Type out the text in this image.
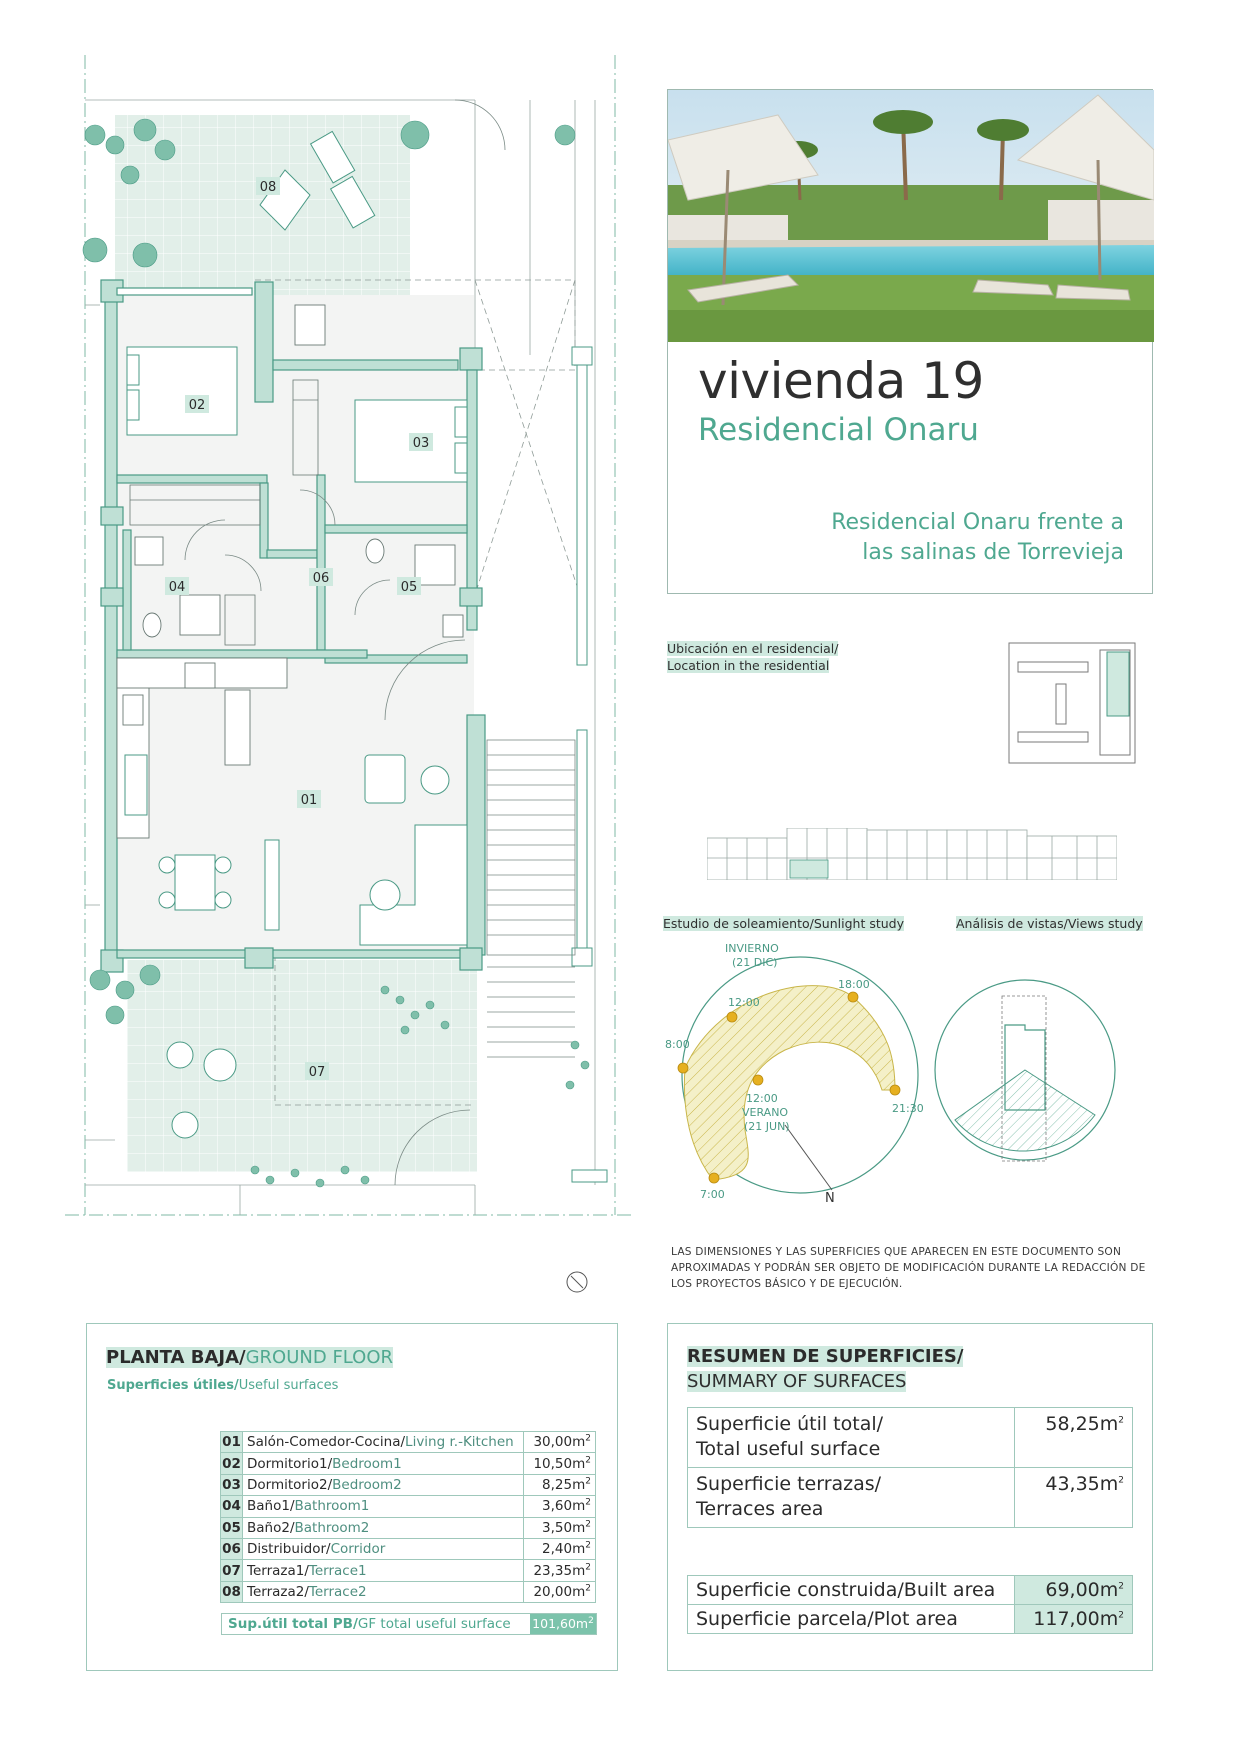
08
02
03
04
06
05
01
07
vivienda 19
Residencial Onaru
Residencial Onaru frente a
las salinas de Torrevieja
Ubicación en el residencial/
Location in the residential
Estudio de soleamiento/Sunlight study	Análisis de vistas/Views study
INVIERNO
(21 DIC)
8:00
12:00
18:00
12:00
VERANO
(21 JUN)
21:30
7:00	N
LAS DIMENSIONES Y LAS SUPERFICIES QUE APARECEN EN ESTE DOCUMENTO SON APROXIMADAS Y PODRÁN SER OBJETO DE MODIFICACIÓN DURANTE LA REDACCIÓN DE LOS PROYECTOS BÁSICO Y DE EJECUCIÓN.
PLANTA BAJA/GROUND FLOOR
Superficies útiles/Useful surfaces
01	Salón-Comedor-Cocina/Living r.-Kitchen	$30,00m^2$
02	Dormitorio1/Bedroom1	$10,50m^2$
03	Dormitorio2/Bedroom2	$8,25m^2$
04	Baño1/Bathroom1	$3,60m^2$
05	Baño2/Bathroom2	$3,50m^2$
06	Distribuidor/Corridor	$2,40m^2$
07	Terraza1/Terrace1	$23,35m^2$
08	Terraza2/Terrace2	$20,00m^2$
Sup.útil total PB/GF total useful surface $101,60m^2$
RESUMEN DE SUPERFICIES/
SUMMARY OF SURFACES
Superficie útil total/
Total useful surface	$58,25m^2$
Superficie terrazas/
Terraces area	$43,35m^2$
Superficie construida/Built area	$69,00m^2$
Superficie parcela/Plot area	$117,00m^2$
